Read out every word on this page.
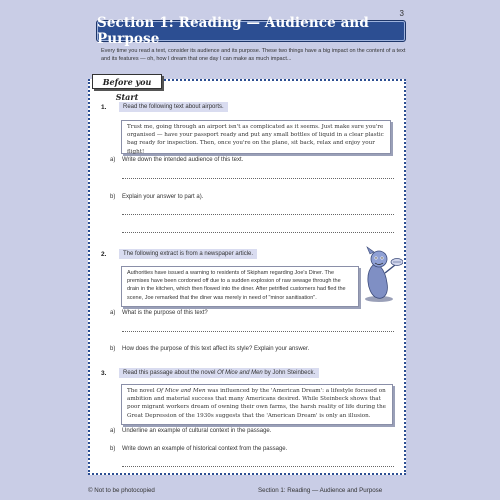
3
Section 1: Reading — Audience and Purpose
Every time you read a text, consider its audience and its purpose. These two things have a big impact on the content of a text and its features — oh, how I dream that one day I can make as much impact...
Before you Start
1.	Read the following text about airports.
Trust me, going through an airport isn't as complicated as it seems. Just make sure you're organised — have your passport ready and put any small bottles of liquid in a clear plastic bag ready for inspection. Then, once you're on the plane, sit back, relax and enjoy your flight!
a) Write down the intended audience of this text.
b) Explain your answer to part a).
2.	The following extract is from a newspaper article.
Authorities have issued a warning to residents of Skipham regarding Joe's Diner. The premises have been cordoned off due to a sudden explosion of raw sewage through the drain in the kitchen, which then flowed into the diner. After petrified customers had fled the scene, Joe remarked that the diner was merely in need of "minor sanitisation".
a) What is the purpose of this text?
b) How does the purpose of this text affect its style? Explain your answer.
3.	Read this passage about the novel Of Mice and Men by John Steinbeck.
The novel Of Mice and Men was influenced by the 'American Dream': a lifestyle focused on ambition and material success that many Americans desired. While Steinbeck shows that poor migrant workers dream of owning their own farms, the harsh reality of life during the Great Depression of the 1930s suggests that the 'American Dream' is only an illusion.
a) Underline an example of cultural context in the passage.
b) Write down an example of historical context from the passage.
© Not to be photocopied	Section 1: Reading — Audience and Purpose
